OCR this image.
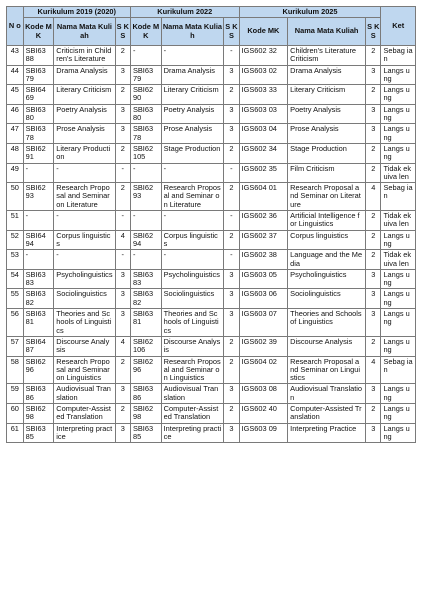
N o	Kurikulum 2019 (2020)			Kurikulum 2022			Kurikulum 2025			Ket
	Kode MK	Nama Mata Kuliah	S K S	Kode MK	Nama Mata Kuliah	S K S	Kode MK	Nama Mata Kuliah	S K S	
43	SBI63 88	Criticism in Children's Literature	2	-	-	-	IGS602 32	Children's Literature Criticism	2	Sebag ian
44	SBI63 79	Drama Analysis	3	SBI63 79	Drama Analysis	3	IGS603 02	Drama Analysis	3	Langs ung
45	SBI64 69	Literary Criticism	2	SBI62 90	Literary Criticism	2	IGS603 33	Literary Criticism	2	Langs ung
46	SBI63 80	Poetry Analysis	3	SBI63 80	Poetry Analysis	3	IGS603 03	Poetry Analysis	3	Langs ung
47	SBI63 78	Prose Analysis	3	SBI63 78	Prose Analysis	3	IGS603 04	Prose Analysis	3	Langs ung
48	SBI62 91	Literary Production	2	SBI62 105	Stage Production	2	IGS602 34	Stage Production	2	Langs ung
49	-	-	-	-	-	-	IGS602 35	Film Criticism	2	Tidak ekuiva len
50	SBI62 93	Research Proposal and Seminar on Literature	2	SBI62 93	Research Proposal and Seminar on Literature	2	IGS604 01	Research Proposal and Seminar on Literature	4	Sebag ian
51	-	-	-	-	-	-	IGS602 36	Artificial Intelligence for Linguistics	2	Tidak ekuiva len
52	SBI64 94	Corpus linguistics	4	SBI62 94	Corpus linguistics	2	IGS602 37	Corpus linguistics	2	Langs ung
53	-	-	-	-	-	-	IGS602 38	Language and the Media	2	Tidak ekuiva len
54	SBI63 83	Psycholinguistics	3	SBI63 83	Psycholinguistics	3	IGS603 05	Psycholinguistics	3	Langs ung
55	SBI63 82	Sociolinguistics	3	SBI63 82	Sociolinguistics	3	IGS603 06	Sociolinguistics	3	Langs ung
56	SBI63 81	Theories and Schools of Linguistics	3	SBI63 81	Theories and Schools of Linguistics	3	IGS603 07	Theories and Schools of Linguistics	3	Langs ung
57	SBI64 87	Discourse Analysis	4	SBI62 106	Discourse Analysis	2	IGS602 39	Discourse Analysis	2	Langs ung
58	SBI62 96	Research Proposal and Seminar on Linguistics	2	SBI62 96	Research Proposal and Seminar on Linguistics	2	IGS604 02	Research Proposal and Seminar on Linguistics	4	Sebag ian
59	SBI63 86	Audiovisual Translation	3	SBI63 86	Audiovisual Translation	3	IGS603 08	Audiovisual Translation	3	Langs ung
60	SBI62 98	Computer-Assisted Translation	2	SBI62 98	Computer-Assisted Translation	2	IGS602 40	Computer-Assisted Translation	2	Langs ung
61	SBI63 85	Interpreting practice	3	SBI63 85	Interpreting practice	3	IGS603 09	Interpreting Practice	3	Langs ung
